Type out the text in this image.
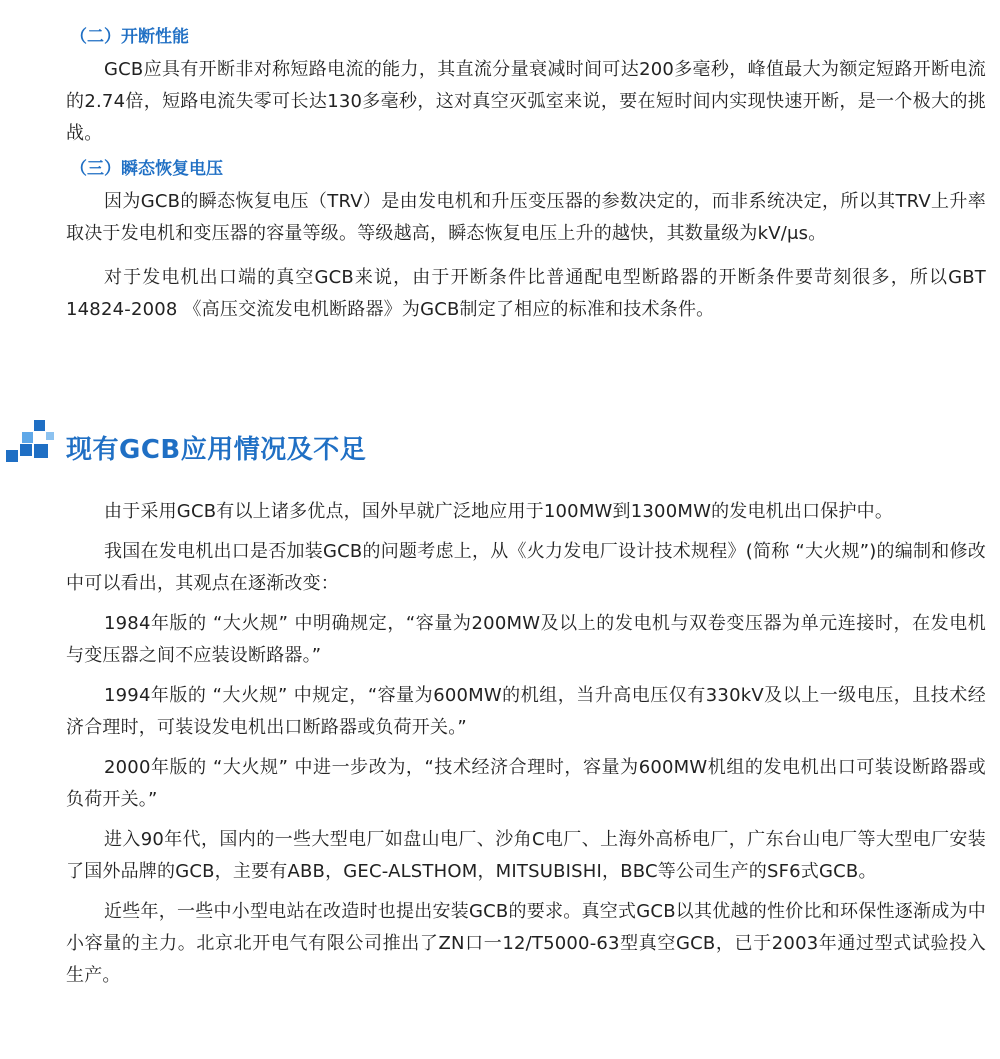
（二）开断性能

GCB应具有开断非对称短路电流的能力，其直流分量衰减时间可达200多毫秒，峰值最大为额定短路开断电流的2.74倍，短路电流失零可长达130多毫秒，这对真空灭弧室来说，要在短时间内实现快速开断，是一个极大的挑战。

（三）瞬态恢复电压

因为GCB的瞬态恢复电压（TRV）是由发电机和升压变压器的参数决定的，而非系统决定，所以其TRV上升率取决于发电机和变压器的容量等级。等级越高，瞬态恢复电压上升的越快，其数量级为kV/μs。

对于发电机出口端的真空GCB来说，由于开断条件比普通配电型断路器的开断条件要苛刻很多，所以GBT 14824-2008 《高压交流发电机断路器》为GCB制定了相应的标准和技术条件。

现有GCB应用情况及不足

由于采用GCB有以上诸多优点，国外早就广泛地应用于100MW到1300MW的发电机出口保护中。

我国在发电机出口是否加装GCB的问题考虑上，从《火力发电厂设计技术规程》(简称 “大火规”)的编制和修改中可以看出，其观点在逐渐改变：

1984年版的 “大火规” 中明确规定，“容量为200MW及以上的发电机与双卷变压器为单元连接时，在发电机与变压器之间不应装设断路器。”

1994年版的 “大火规” 中规定，“容量为600MW的机组，当升高电压仅有330kV及以上一级电压，且技术经济合理时，可装设发电机出口断路器或负荷开关。”

2000年版的 “大火规” 中进一步改为，“技术经济合理时，容量为600MW机组的发电机出口可装设断路器或负荷开关。”

进入90年代，国内的一些大型电厂如盘山电厂、沙角C电厂、上海外高桥电厂，广东台山电厂等大型电厂安装了国外品牌的GCB，主要有ABB，GEC-ALSTHOM，MITSUBISHI，BBC等公司生产的SF6式GCB。

近些年，一些中小型电站在改造时也提出安装GCB的要求。真空式GCB以其优越的性价比和环保性逐渐成为中小容量的主力。北京北开电气有限公司推出了ZN口一12/T5000-63型真空GCB，已于2003年通过型式试验投入生产。
